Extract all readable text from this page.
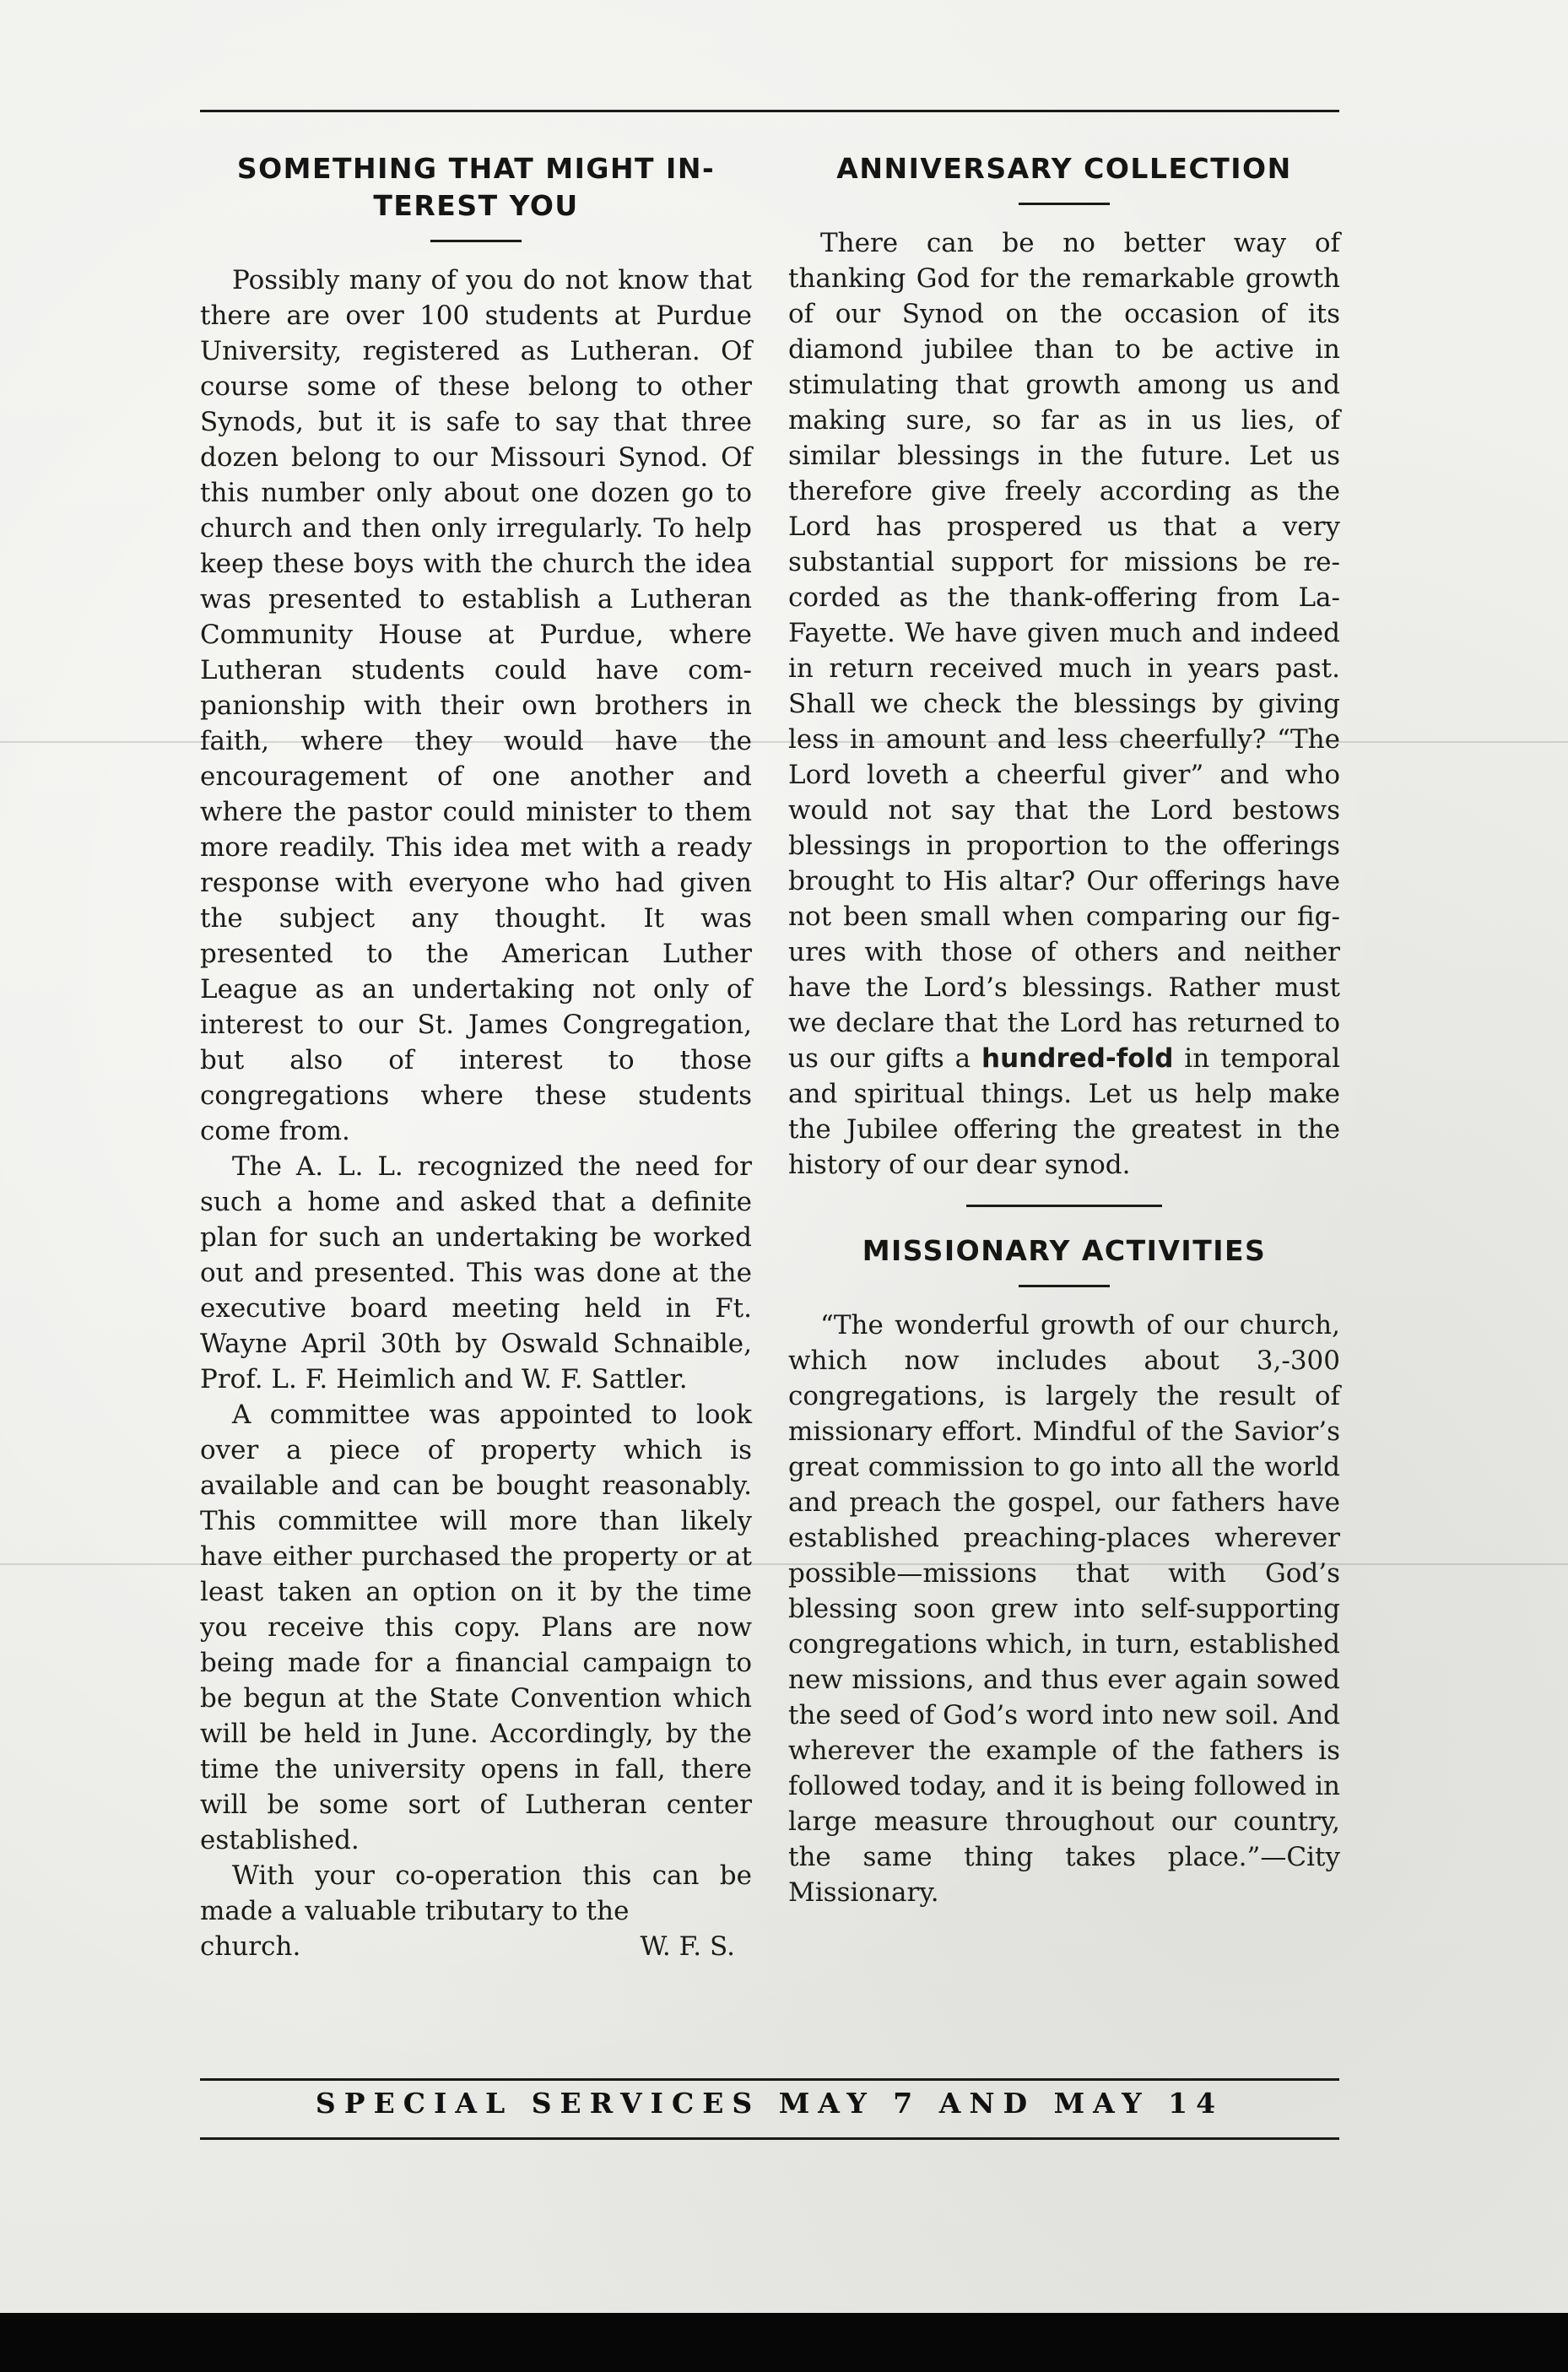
SOMETHING THAT MIGHT IN-
TEREST YOU

Possibly many of you do not know that there are over 100 students at Purdue University, registered as Lutheran. Of course some of these belong to other Synods, but it is safe to say that three dozen belong to our Missouri Synod. Of this number only about one dozen go to church and then only irregularly. To help keep these boys with the church the idea was presented to establish a Lutheran Community House at Purdue, where Lutheran students could have companionship with their own brothers in faith, where they would have the encouragement of one another and where the pastor could minister to them more readily. This idea met with a ready response with everyone who had given the subject any thought. It was presented to the American Luther League as an undertaking not only of interest to our St. James Congregation, but also of interest to those congregations where these students come from.

The A. L. L. recognized the need for such a home and asked that a definite plan for such an undertaking be worked out and presented. This was done at the executive board meeting held in Ft. Wayne April 30th by Oswald Schnaible, Prof. L. F. Heimlich and W. F. Sattler.

A committee was appointed to look over a piece of property which is available and can be bought reasonably. This committee will more than likely have either purchased the property or at least taken an option on it by the time you receive this copy. Plans are now being made for a financial campaign to be begun at the State Convention which will be held in June. Accordingly, by the time the university opens in fall, there will be some sort of Lutheran center established.

With your co-operation this can be made a valuable tributary to the

church.	W. F. S.

ANNIVERSARY COLLECTION

There can be no better way of thanking God for the remarkable growth of our Synod on the occasion of its diamond jubilee than to be active in stimulating that growth among us and making sure, so far as in us lies, of similar blessings in the future. Let us therefore give freely according as the Lord has prospered us that a very substantial support for missions be recorded as the thank-offering from LaFayette. We have given much and indeed in return received much in years past. Shall we check the blessings by giving less in amount and less cheerfully? “The Lord loveth a cheerful giver” and who would not say that the Lord bestows blessings in proportion to the offerings brought to His altar? Our offerings have not been small when comparing our figures with those of others and neither have the Lord’s blessings. Rather must we declare that the Lord has returned to us our gifts a hundred-fold in temporal and spiritual things. Let us help make the Jubilee offering the greatest in the history of our dear synod.

MISSIONARY ACTIVITIES

“The wonderful growth of our church, which now includes about 3,-300 congregations, is largely the result of missionary effort. Mindful of the Savior’s great commission to go into all the world and preach the gospel, our fathers have established preaching-places wherever possible—missions that with God’s blessing soon grew into self-supporting congregations which, in turn, established new missions, and thus ever again sowed the seed of God’s word into new soil. And wherever the example of the fathers is followed today, and it is being followed in large measure throughout our country, the same thing takes place.”—City Missionary.

SPECIAL SERVICES MAY 7 AND MAY 14
